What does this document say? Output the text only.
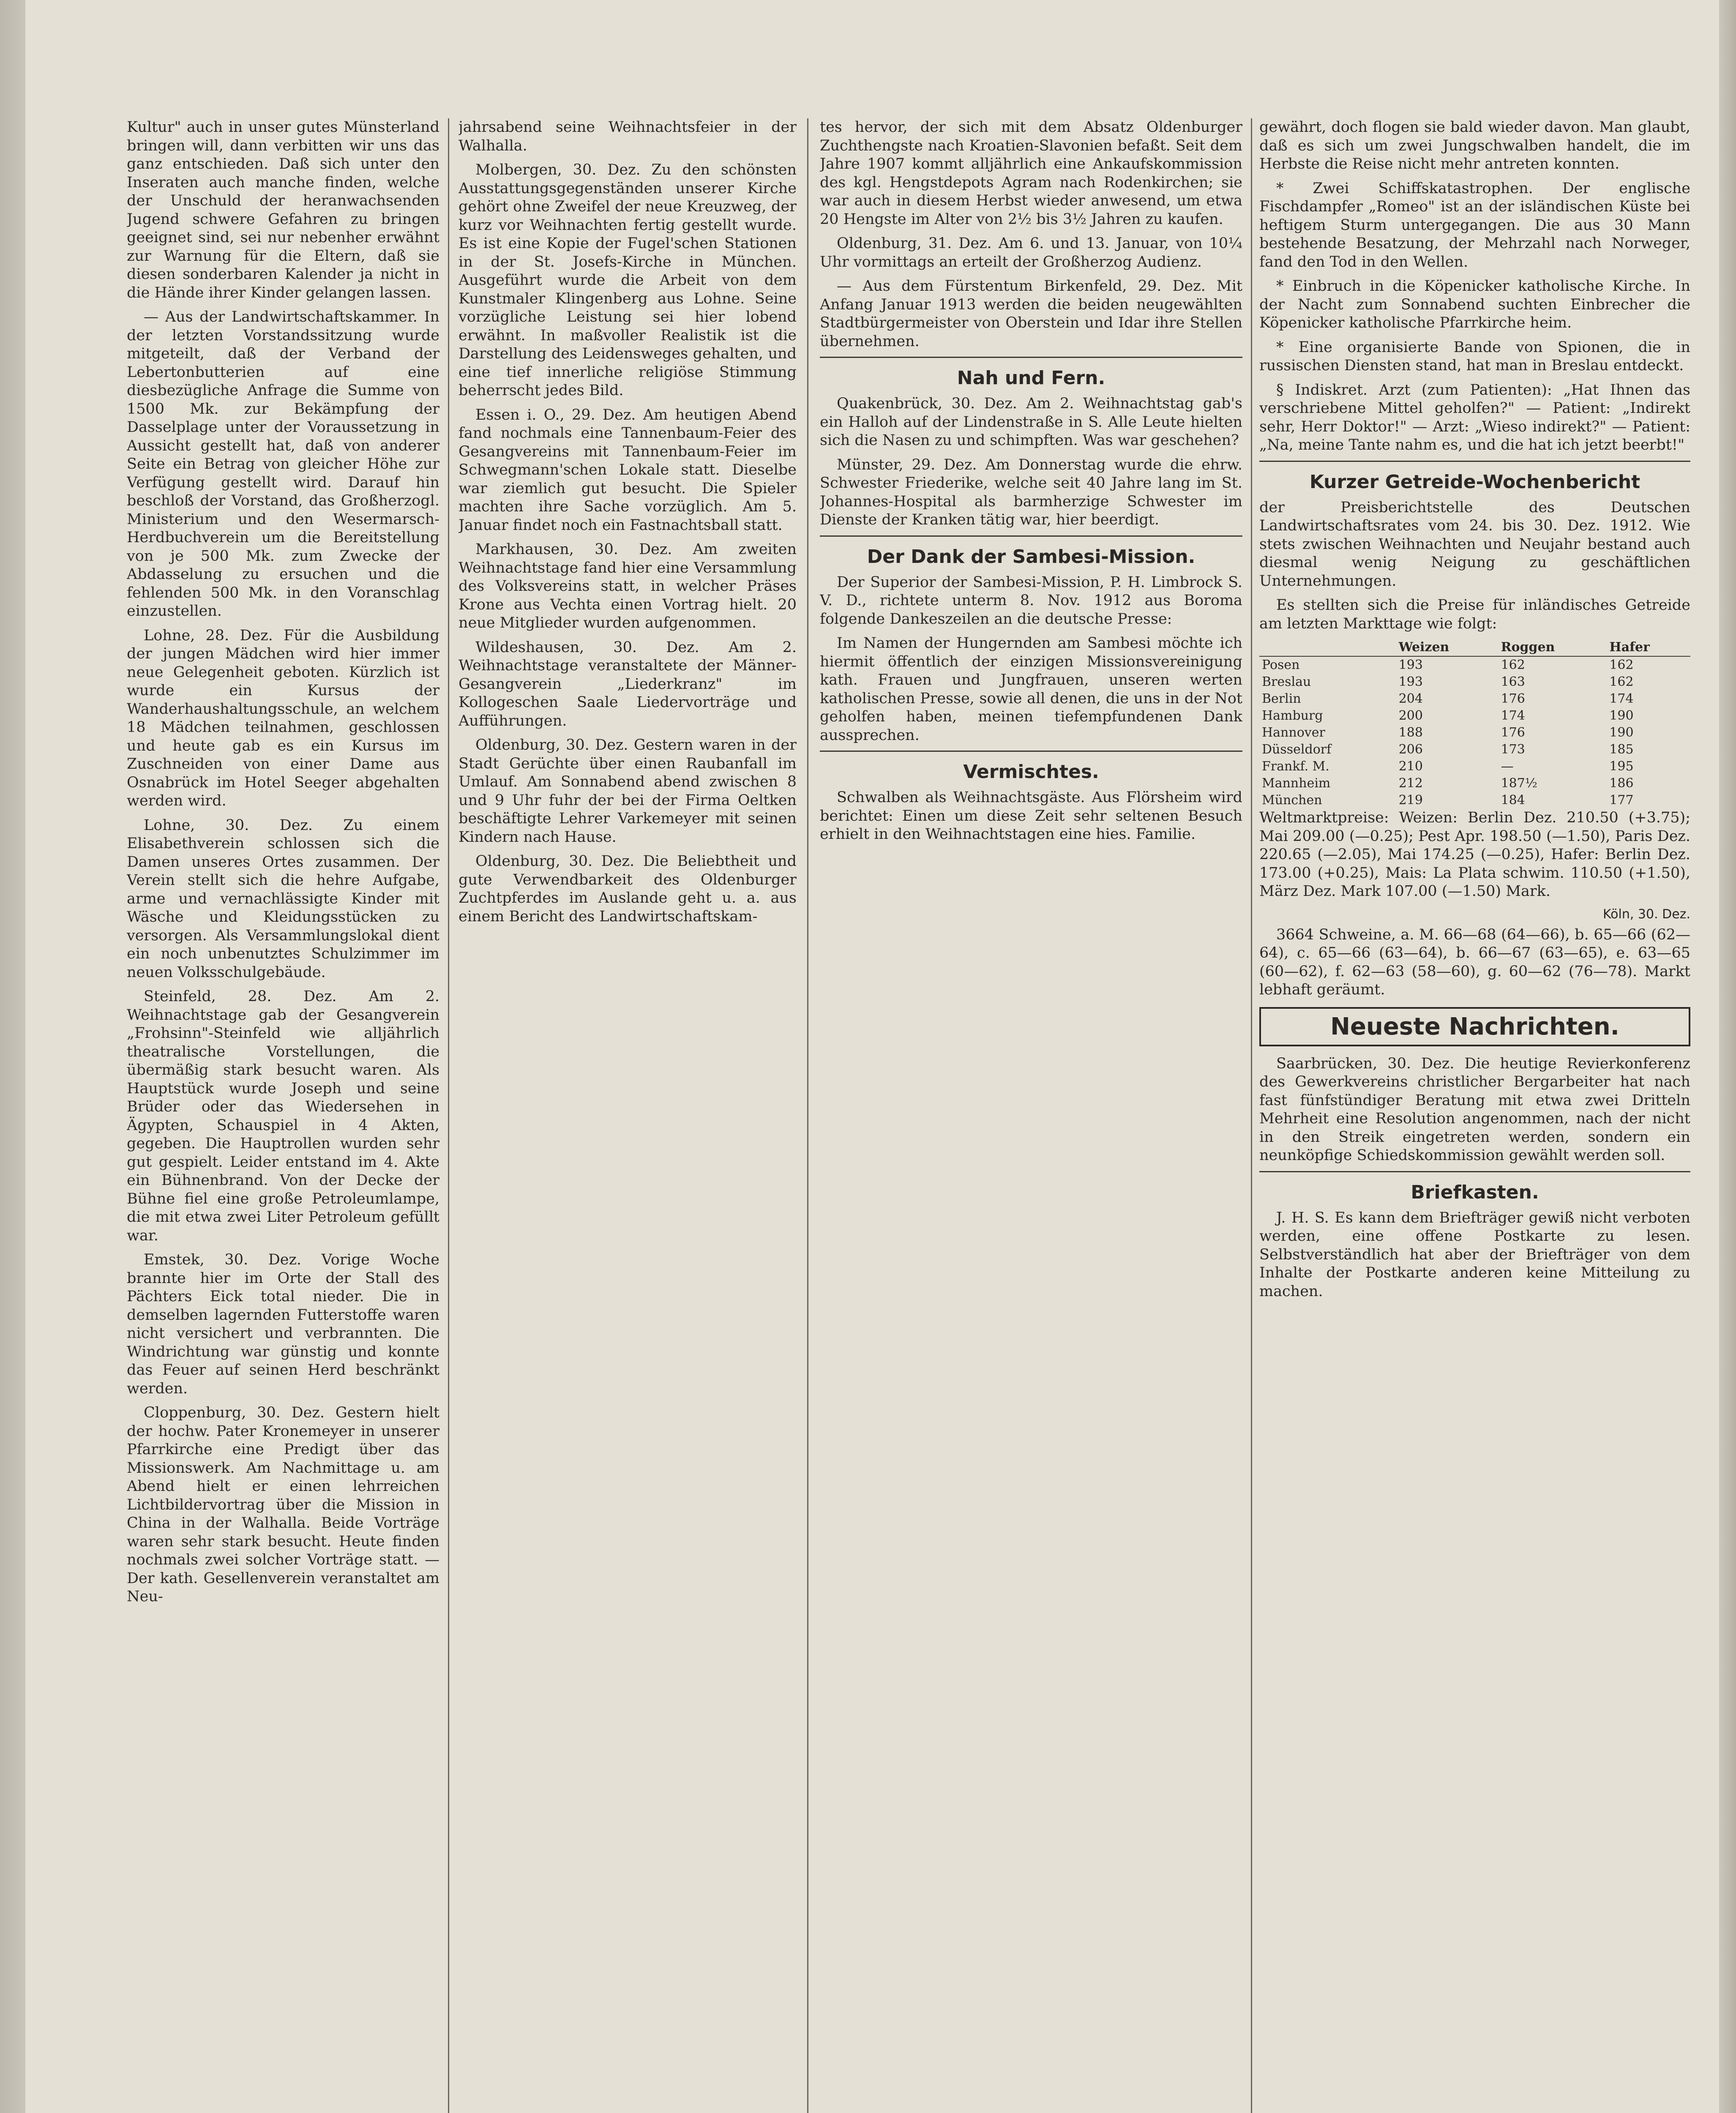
Kultur" auch in unser gutes Münsterland bringen will, dann verbitten wir uns das ganz entschieden. Daß sich unter den Inseraten auch manche finden, welche der Unschuld der heranwachsenden Jugend schwere Gefahren zu bringen geeignet sind, sei nur nebenher erwähnt zur Warnung für die Eltern, daß sie diesen sonderbaren Kalender ja nicht in die Hände ihrer Kinder gelangen lassen.

— Aus der Landwirtschaftskammer. In der letzten Vorstandssitzung wurde mitgeteilt, daß der Verband der Lebertonbutterien auf eine diesbezügliche Anfrage die Summe von 1500 Mk. zur Bekämpfung der Dasselplage unter der Voraussetzung in Aussicht gestellt hat, daß von anderer Seite ein Betrag von gleicher Höhe zur Verfügung gestellt wird. Darauf hin beschloß der Vorstand, das Großherzogl. Ministerium und den Wesermarsch-Herdbuchverein um die Bereitstellung von je 500 Mk. zum Zwecke der Abdasselung zu ersuchen und die fehlenden 500 Mk. in den Voranschlag einzustellen.

Lohne, 28. Dez. Für die Ausbildung der jungen Mädchen wird hier immer neue Gelegenheit geboten. Kürzlich ist wurde ein Kursus der Wanderhaushaltungsschule, an welchem 18 Mädchen teilnahmen, geschlossen und heute gab es ein Kursus im Zuschneiden von einer Dame aus Osnabrück im Hotel Seeger abgehalten werden wird.

Lohne, 30. Dez. Zu einem Elisabethverein schlossen sich die Damen unseres Ortes zusammen. Der Verein stellt sich die hehre Aufgabe, arme und vernachlässigte Kinder mit Wäsche und Kleidungsstücken zu versorgen. Als Versammlungslokal dient ein noch unbenutztes Schulzimmer im neuen Volksschulgebäude.

Steinfeld, 28. Dez. Am 2. Weihnachtstage gab der Gesangverein „Frohsinn"-Steinfeld wie alljährlich theatralische Vorstellungen, die übermäßig stark besucht waren. Als Hauptstück wurde Joseph und seine Brüder oder das Wiedersehen in Ägypten, Schauspiel in 4 Akten, gegeben. Die Hauptrollen wurden sehr gut gespielt. Leider entstand im 4. Akte ein Bühnenbrand. Von der Decke der Bühne fiel eine große Petroleumlampe, die mit etwa zwei Liter Petroleum gefüllt war.

Emstek, 30. Dez. Vorige Woche brannte hier im Orte der Stall des Pächters Eick total nieder. Die in demselben lagernden Futterstoffe waren nicht versichert und verbrannten. Die Windrichtung war günstig und konnte das Feuer auf seinen Herd beschränkt werden.

Cloppenburg, 30. Dez. Gestern hielt der hochw. Pater Kronemeyer in unserer Pfarrkirche eine Predigt über das Missionswerk. Am Nachmittage u. am Abend hielt er einen lehrreichen Lichtbildervortrag über die Mission in China in der Walhalla. Beide Vorträge waren sehr stark besucht. Heute finden nochmals zwei solcher Vorträge statt. — Der kath. Gesellenverein veranstaltet am Neu-

jahrsabend seine Weihnachtsfeier in der Walhalla.

Molbergen, 30. Dez. Zu den schönsten Ausstattungsgegenständen unserer Kirche gehört ohne Zweifel der neue Kreuzweg, der kurz vor Weihnachten fertig gestellt wurde. Es ist eine Kopie der Fugel'schen Stationen in der St. Josefs-Kirche in München. Ausgeführt wurde die Arbeit von dem Kunstmaler Klingenberg aus Lohne. Seine vorzügliche Leistung sei hier lobend erwähnt. In maßvoller Realistik ist die Darstellung des Leidensweges gehalten, und eine tief innerliche religiöse Stimmung beherrscht jedes Bild.

Essen i. O., 29. Dez. Am heutigen Abend fand nochmals eine Tannenbaum-Feier des Gesangvereins mit Tannenbaum-Feier im Schwegmann'schen Lokale statt. Dieselbe war ziemlich gut besucht. Die Spieler machten ihre Sache vorzüglich. Am 5. Januar findet noch ein Fastnachtsball statt.

Markhausen, 30. Dez. Am zweiten Weihnachtstage fand hier eine Versammlung des Volksvereins statt, in welcher Präses Krone aus Vechta einen Vortrag hielt. 20 neue Mitglieder wurden aufgenommen.

Wildeshausen, 30. Dez. Am 2. Weihnachtstage veranstaltete der Männer-Gesangverein „Liederkranz" im Kollogeschen Saale Liedervorträge und Aufführungen.

Oldenburg, 30. Dez. Gestern waren in der Stadt Gerüchte über einen Raubanfall im Umlauf. Am Sonnabend abend zwischen 8 und 9 Uhr fuhr der bei der Firma Oeltken beschäftigte Lehrer Varkemeyer mit seinen Kindern nach Hause.

Oldenburg, 30. Dez. Die Beliebtheit und gute Verwendbarkeit des Oldenburger Zuchtpferdes im Auslande geht u. a. aus einem Bericht des Landwirtschaftskam-

tes hervor, der sich mit dem Absatz Oldenburger Zuchthengste nach Kroatien-Slavonien befaßt. Seit dem Jahre 1907 kommt alljährlich eine Ankaufskommission des kgl. Hengstdepots Agram nach Rodenkirchen; sie war auch in diesem Herbst wieder anwesend, um etwa 20 Hengste im Alter von 2½ bis 3½ Jahren zu kaufen.

Oldenburg, 31. Dez. Am 6. und 13. Januar, von 10¼ Uhr vormittags an erteilt der Großherzog Audienz.

— Aus dem Fürstentum Birkenfeld, 29. Dez. Mit Anfang Januar 1913 werden die beiden neugewählten Stadtbürgermeister von Oberstein und Idar ihre Stellen übernehmen.

Nah und Fern.

Quakenbrück, 30. Dez. Am 2. Weihnachtstag gab's ein Halloh auf der Lindenstraße in S. Alle Leute hielten sich die Nasen zu und schimpften. Was war geschehen?

Münster, 29. Dez. Am Donnerstag wurde die ehrw. Schwester Friederike, welche seit 40 Jahre lang im St. Johannes-Hospital als barmherzige Schwester im Dienste der Kranken tätig war, hier beerdigt.

Der Dank der Sambesi-Mission.

Der Superior der Sambesi-Mission, P. H. Limbrock S. V. D., richtete unterm 8. Nov. 1912 aus Boroma folgende Dankeszeilen an die deutsche Presse:

Im Namen der Hungernden am Sambesi möchte ich hiermit öffentlich der einzigen Missionsvereinigung kath. Frauen und Jungfrauen, unseren werten katholischen Presse, sowie all denen, die uns in der Not geholfen haben, meinen tiefempfundenen Dank aussprechen.

Vermischtes.

Schwalben als Weihnachtsgäste. Aus Flörsheim wird berichtet: Einen um diese Zeit sehr seltenen Besuch erhielt in den Weihnachtstagen eine hies. Familie.

gewährt, doch flogen sie bald wieder davon. Man glaubt, daß es sich um zwei Jungschwalben handelt, die im Herbste die Reise nicht mehr antreten konnten.

* Zwei Schiffskatastrophen. Der englische Fischdampfer „Romeo" ist an der isländischen Küste bei heftigem Sturm untergegangen. Die aus 30 Mann bestehende Besatzung, der Mehrzahl nach Norweger, fand den Tod in den Wellen.

* Einbruch in die Köpenicker katholische Kirche. In der Nacht zum Sonnabend suchten Einbrecher die Köpenicker katholische Pfarrkirche heim.

* Eine organisierte Bande von Spionen, die in russischen Diensten stand, hat man in Breslau entdeckt.

§ Indiskret. Arzt (zum Patienten): „Hat Ihnen das verschriebene Mittel geholfen?" — Patient: „Indirekt sehr, Herr Doktor!" — Arzt: „Wieso indirekt?" — Patient: „Na, meine Tante nahm es, und die hat ich jetzt beerbt!"

Kurzer Getreide-Wochenbericht

der Preisberichtstelle des Deutschen Landwirtschaftsrates vom 24. bis 30. Dez. 1912. Wie stets zwischen Weihnachten und Neujahr bestand auch diesmal wenig Neigung zu geschäftlichen Unternehmungen.

Es stellten sich die Preise für inländisches Getreide am letzten Markttage wie folgt:

	Weizen	Roggen	Hafer
Posen	193	162	162
Breslau	193	163	162
Berlin	204	176	174
Hamburg	200	174	190
Hannover	188	176	190
Düsseldorf	206	173	185
Frankf. M.	210	—	195
Mannheim	212	187½	186
München	219	184	177

Weltmarktpreise: Weizen: Berlin Dez. 210.50 (+3.75); Mai 209.00 (—0.25); Pest Apr. 198.50 (—1.50), Paris Dez. 220.65 (—2.05), Mai 174.25 (—0.25), Hafer: Berlin Dez. 173.00 (+0.25), Mais: La Plata schwim. 110.50 (+1.50), März Dez. Mark 107.00 (—1.50) Mark.

Köln, 30. Dez.

3664 Schweine, a. M. 66—68 (64—66), b. 65—66 (62—64), c. 65—66 (63—64), b. 66—67 (63—65), e. 63—65 (60—62), f. 62—63 (58—60), g. 60—62 (76—78). Markt lebhaft geräumt.

Neueste Nachrichten.

Saarbrücken, 30. Dez. Die heutige Revierkonferenz des Gewerkvereins christlicher Bergarbeiter hat nach fast fünfstündiger Beratung mit etwa zwei Dritteln Mehrheit eine Resolution angenommen, nach der nicht in den Streik eingetreten werden, sondern ein neunköpfige Schiedskommission gewählt werden soll.

Briefkasten.

J. H. S. Es kann dem Briefträger gewiß nicht verboten werden, eine offene Postkarte zu lesen. Selbstverständlich hat aber der Briefträger von dem Inhalte der Postkarte anderen keine Mitteilung zu machen.
